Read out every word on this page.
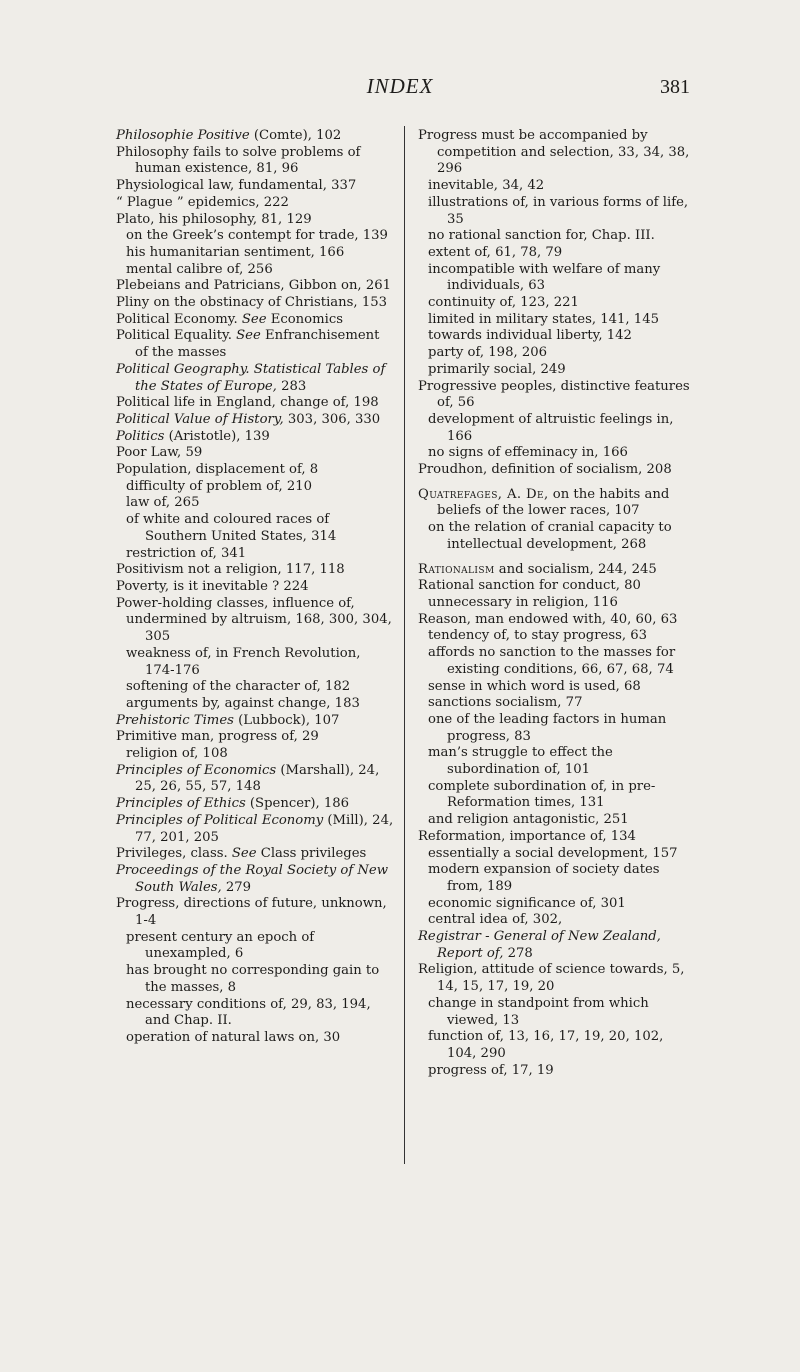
INDEX	381

Philosophie Positive (Comte), 102

Philosophy fails to solve problems of human existence, 81, 96

Physiological law, fundamental, 337

“ Plague ” epidemics, 222

Plato, his philosophy, 81, 129

on the Greek’s contempt for trade, 139

his humanitarian sentiment, 166

mental calibre of, 256

Plebeians and Patricians, Gibbon on, 261

Pliny on the obstinacy of Christians, 153

Political Economy. See Economics

Political Equality. See Enfranchisement of the masses

Political Geography. Statistical Tables of the States of Europe, 283

Political life in England, change of, 198

Political Value of History, 303, 306, 330

Politics (Aristotle), 139

Poor Law, 59

Population, displacement of, 8

difficulty of problem of, 210

law of, 265

of white and coloured races of Southern United States, 314

restriction of, 341

Positivism not a religion, 117, 118

Poverty, is it inevitable ? 224

Power-holding classes, influence of,

undermined by altruism, 168, 300, 304, 305

weakness of, in French Revolution, 174-176

softening of the character of, 182

arguments by, against change, 183

Prehistoric Times (Lubbock), 107

Primitive man, progress of, 29

religion of, 108

Principles of Economics (Marshall), 24, 25, 26, 55, 57, 148

Principles of Ethics (Spencer), 186

Principles of Political Economy (Mill), 24, 77, 201, 205

Privileges, class. See Class privileges

Proceedings of the Royal Society of New South Wales, 279

Progress, directions of future, unknown, 1-4

present century an epoch of unexampled, 6

has brought no corresponding gain to the masses, 8

necessary conditions of, 29, 83, 194, and Chap. II.

operation of natural laws on, 30

Progress must be accompanied by competition and selection, 33, 34, 38, 296

inevitable, 34, 42

illustrations of, in various forms of life, 35

no rational sanction for, Chap. III.

extent of, 61, 78, 79

incompatible with welfare of many individuals, 63

continuity of, 123, 221

limited in military states, 141, 145

towards individual liberty, 142

party of, 198, 206

primarily social, 249

Progressive peoples, distinctive features of, 56

development of altruistic feelings in, 166

no signs of effeminacy in, 166

Proudhon, definition of socialism, 208

Quatrefages, A. De, on the habits and beliefs of the lower races, 107

on the relation of cranial capacity to intellectual development, 268

Rationalism and socialism, 244, 245

Rational sanction for conduct, 80

unnecessary in religion, 116

Reason, man endowed with, 40, 60, 63

tendency of, to stay progress, 63

affords no sanction to the masses for existing conditions, 66, 67, 68, 74

sense in which word is used, 68

sanctions socialism, 77

one of the leading factors in human progress, 83

man’s struggle to effect the subordination of, 101

complete subordination of, in pre-Reformation times, 131

and religion antagonistic, 251

Reformation, importance of, 134

essentially a social development, 157

modern expansion of society dates from, 189

economic significance of, 301

central idea of, 302,

Registrar - General of New Zealand, Report of, 278

Religion, attitude of science towards, 5, 14, 15, 17, 19, 20

change in standpoint from which viewed, 13

function of, 13, 16, 17, 19, 20, 102, 104, 290

progress of, 17, 19
